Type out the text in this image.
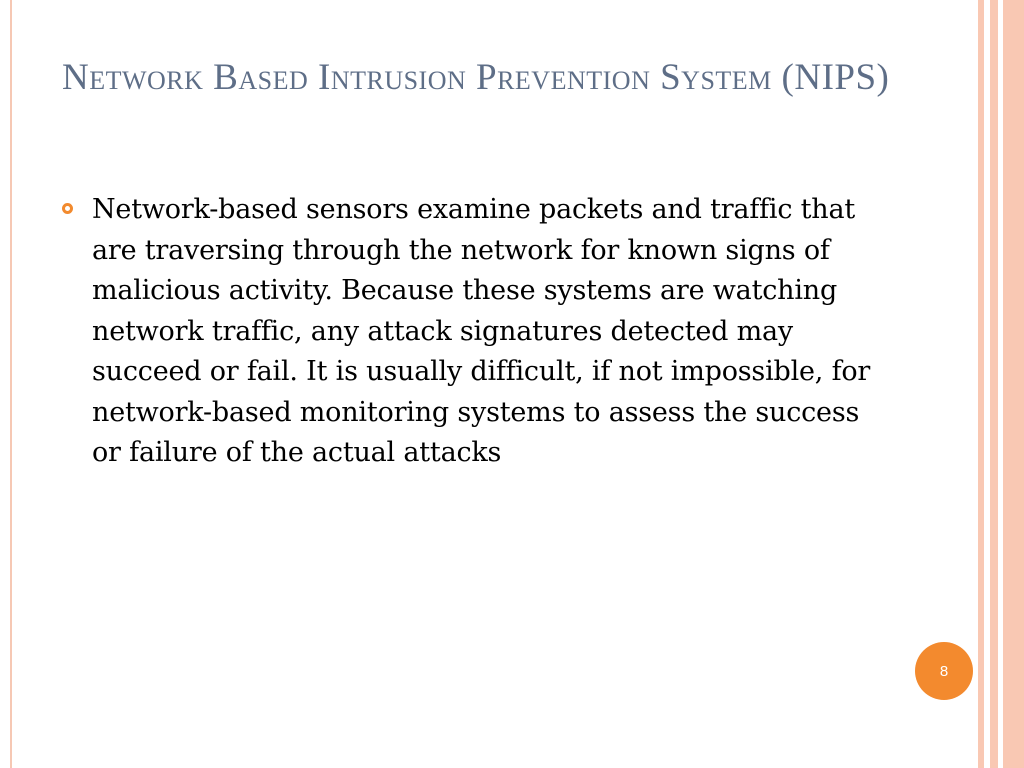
Network Based Intrusion Prevention System (NIPS)
Network-based sensors examine packets and traffic that are traversing through the network for known signs of malicious activity. Because these systems are watching network traffic, any attack signatures detected may succeed or fail. It is usually difficult, if not impossible, for network-based monitoring systems to assess the success or failure of the actual attacks
8
